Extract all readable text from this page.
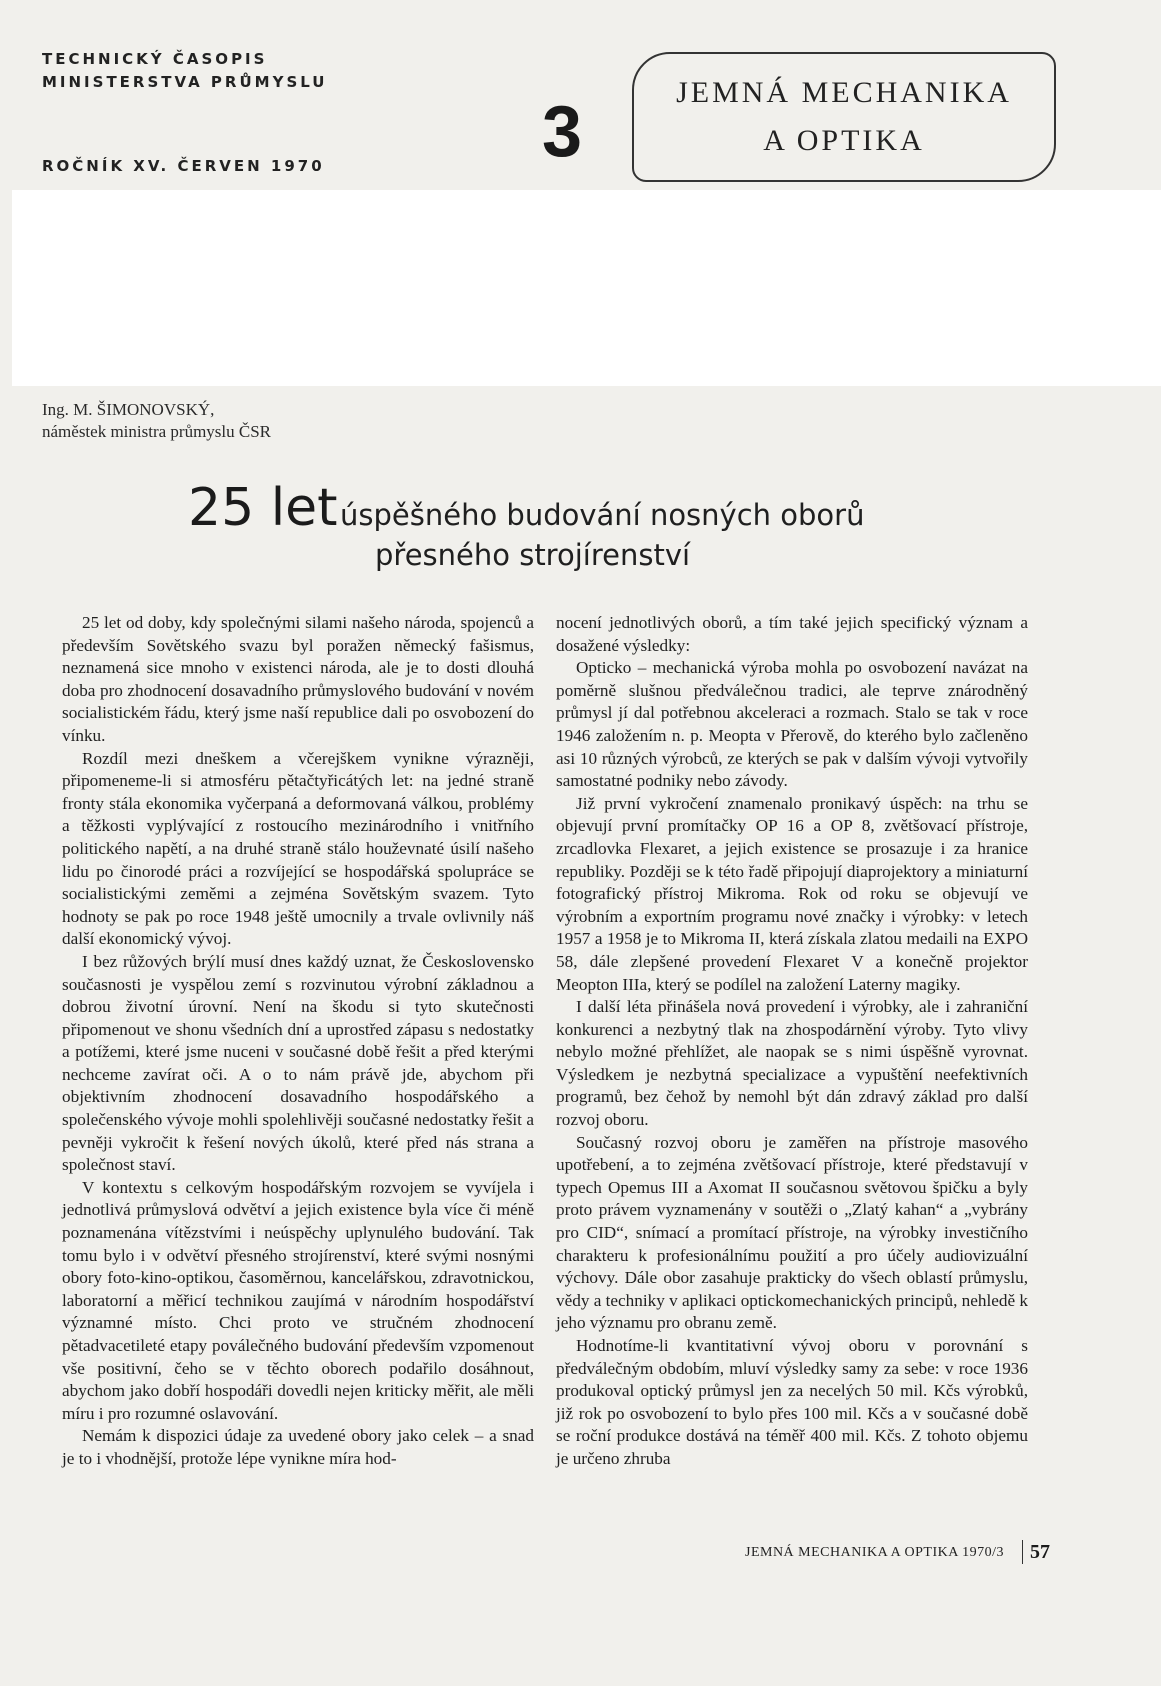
TECHNICKÝ ČASOPIS
MINISTERSTVA PRŮMYSLU
ROČNÍK XV. ČERVEN 1970	3	JEMNÁ MECHANIKA
A OPTIKA
Ing. M. ŠIMONOVSKÝ,
náměstek ministra průmyslu ČSR
25 let úspěšného budování nosných oborů
přesného strojírenství

25 let od doby, kdy společnými silami našeho národa, spojenců a především Sovětského svazu byl poražen německý fašismus, neznamená sice mnoho v existenci národa, ale je to dosti dlouhá doba pro zhodnocení dosavadního průmyslového budování v novém socialistickém řádu, který jsme naší republice dali po osvobození do vínku.

Rozdíl mezi dneškem a včerejškem vynikne výrazněji, připomeneme-li si atmosféru pětačtyřicátých let: na jedné straně fronty stála ekonomika vyčerpaná a deformovaná válkou, problémy a těžkosti vyplývající z rostoucího mezinárodního i vnitřního politického napětí, a na druhé straně stálo houževnaté úsilí našeho lidu po činorodé práci a rozvíjející se hospodářská spolupráce se socialistickými zeměmi a zejména Sovětským svazem. Tyto hodnoty se pak po roce 1948 ještě umocnily a trvale ovlivnily náš další ekonomický vývoj.

I bez růžových brýlí musí dnes každý uznat, že Československo současnosti je vyspělou zemí s rozvinutou výrobní základnou a dobrou životní úrovní. Není na škodu si tyto skutečnosti připomenout ve shonu všedních dní a uprostřed zápasu s nedostatky a potížemi, které jsme nuceni v současné době řešit a před kterými nechceme zavírat oči. A o to nám právě jde, abychom při objektivním zhodnocení dosavadního hospodářského a společenského vývoje mohli spolehlivěji současné nedostatky řešit a pevněji vykročit k řešení nových úkolů, které před nás strana a společnost staví.

V kontextu s celkovým hospodářským rozvojem se vyvíjela i jednotlivá průmyslová odvětví a jejich existence byla více či méně poznamenána vítězstvími i neúspěchy uplynulého budování. Tak tomu bylo i v odvětví přesného strojírenství, které svými nosnými obory foto-kino-optikou, časoměrnou, kancelářskou, zdravotnickou, laboratorní a měřicí technikou zaujímá v národním hospodářství významné místo. Chci proto ve stručném zhodnocení pětadvacetileté etapy poválečného budování především vzpomenout vše positivní, čeho se v těchto oborech podařilo dosáhnout, abychom jako dobří hospodáři dovedli nejen kriticky měřit, ale měli míru i pro rozumné oslavování.

Nemám k dispozici údaje za uvedené obory jako celek – a snad je to i vhodnější, protože lépe vynikne míra hod-

nocení jednotlivých oborů, a tím také jejich specifický význam a dosažené výsledky:

Opticko – mechanická výroba mohla po osvobození navázat na poměrně slušnou předválečnou tradici, ale teprve znárodněný průmysl jí dal potřebnou akceleraci a rozmach. Stalo se tak v roce 1946 založením n. p. Meopta v Přerově, do kterého bylo začleněno asi 10 různých výrobců, ze kterých se pak v dalším vývoji vytvořily samostatné podniky nebo závody.

Již první vykročení znamenalo pronikavý úspěch: na trhu se objevují první promítačky OP 16 a OP 8, zvětšovací přístroje, zrcadlovka Flexaret, a jejich existence se prosazuje i za hranice republiky. Později se k této řadě připojují diaprojektory a miniaturní fotografický přístroj Mikroma. Rok od roku se objevují ve výrobním a exportním programu nové značky i výrobky: v letech 1957 a 1958 je to Mikroma II, která získala zlatou medaili na EXPO 58, dále zlepšené provedení Flexaret V a konečně projektor Meopton IIIa, který se podílel na založení Laterny magiky.

I další léta přinášela nová provedení i výrobky, ale i zahraniční konkurenci a nezbytný tlak na zhospodárnění výroby. Tyto vlivy nebylo možné přehlížet, ale naopak se s nimi úspěšně vyrovnat. Výsledkem je nezbytná specializace a vypuštění neefektivních programů, bez čehož by nemohl být dán zdravý základ pro další rozvoj oboru.

Současný rozvoj oboru je zaměřen na přístroje masového upotřebení, a to zejména zvětšovací přístroje, které představují v typech Opemus III a Axomat II současnou světovou špičku a byly proto právem vyznamenány v soutěži o „Zlatý kahan“ a „vybrány pro CID“, snímací a promítací přístroje, na výrobky investičního charakteru k profesionálnímu použití a pro účely audiovizuální výchovy. Dále obor zasahuje prakticky do všech oblastí průmyslu, vědy a techniky v aplikaci optickomechanických principů, nehledě k jeho významu pro obranu země.

Hodnotíme-li kvantitativní vývoj oboru v porovnání s předválečným obdobím, mluví výsledky samy za sebe: v roce 1936 produkoval optický průmysl jen za necelých 50 mil. Kčs výrobků, již rok po osvobození to bylo přes 100 mil. Kčs a v současné době se roční produkce dostává na téměř 400 mil. Kčs. Z tohoto objemu je určeno zhruba

JEMNÁ MECHANIKA A OPTIKA 1970/3 57
